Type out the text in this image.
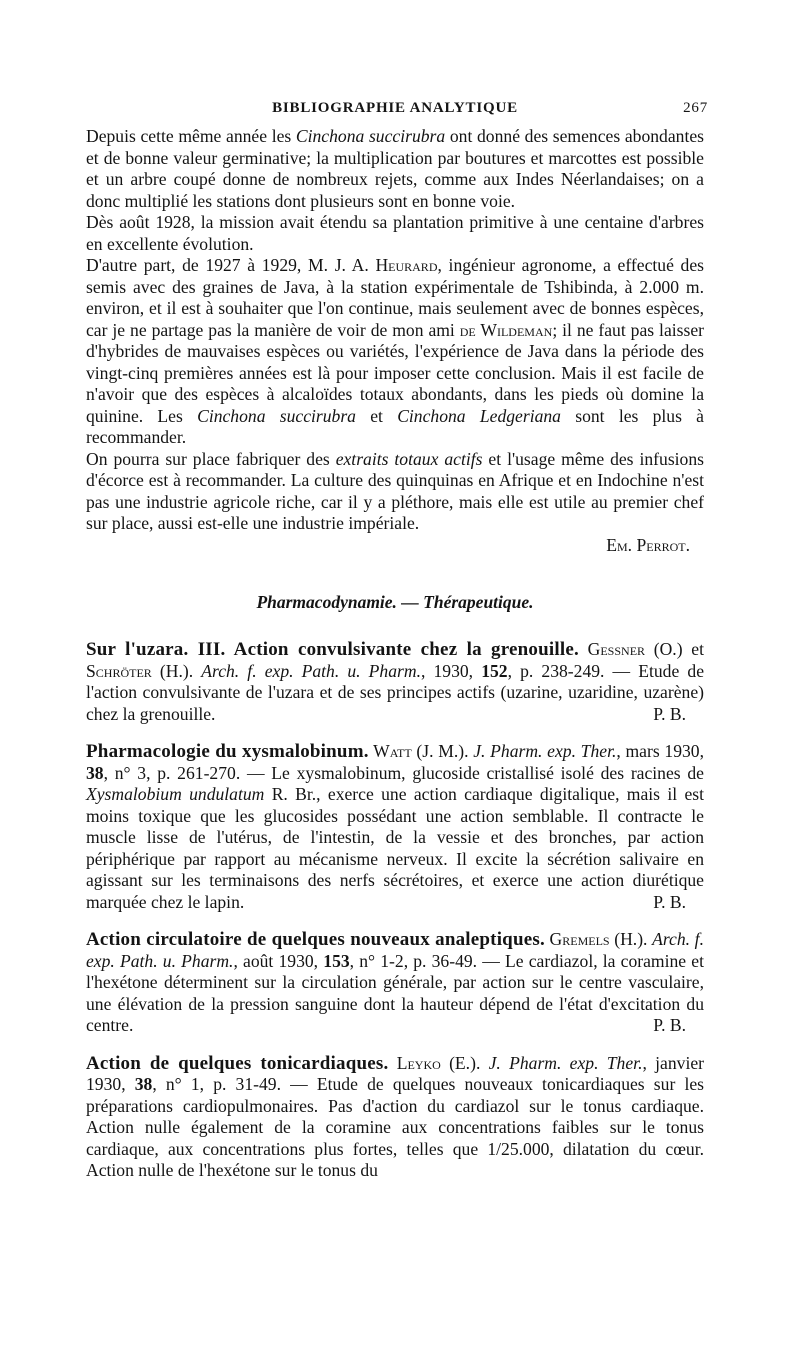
BIBLIOGRAPHIE ANALYTIQUE	267

Depuis cette même année les Cinchona succirubra ont donné des semences abondantes et de bonne valeur germinative; la multiplication par boutures et marcottes est possible et un arbre coupé donne de nombreux rejets, comme aux Indes Néerlandaises; on a donc multiplié les stations dont plusieurs sont en bonne voie.

Dès août 1928, la mission avait étendu sa plantation primitive à une centaine d'arbres en excellente évolution.

D'autre part, de 1927 à 1929, M. J. A. Heurard, ingénieur agronome, a effectué des semis avec des graines de Java, à la station expérimentale de Tshibinda, à 2.000 m. environ, et il est à souhaiter que l'on continue, mais seulement avec de bonnes espèces, car je ne partage pas la manière de voir de mon ami de Wildeman; il ne faut pas laisser d'hybrides de mauvaises espèces ou variétés, l'expérience de Java dans la période des vingt-cinq premières années est là pour imposer cette conclusion. Mais il est facile de n'avoir que des espèces à alcaloïdes totaux abondants, dans les pieds où domine la quinine. Les Cinchona succirubra et Cinchona Ledgeriana sont les plus à recommander.

On pourra sur place fabriquer des extraits totaux actifs et l'usage même des infusions d'écorce est à recommander. La culture des quinquinas en Afrique et en Indochine n'est pas une industrie agricole riche, car il y a pléthore, mais elle est utile au premier chef sur place, aussi est-elle une industrie impériale.

Em. Perrot.

Pharmacodynamie. — Thérapeutique.

Sur l'uzara. III. Action convulsivante chez la grenouille. Gessner (O.) et Schröter (H.). Arch. f. exp. Path. u. Pharm., 1930, 152, p. 238-249. — Etude de l'action convulsivante de l'uzara et de ses principes actifs (uzarine, uzaridine, uzarène) chez la grenouille.	P. B.

Pharmacologie du xysmalobinum. Watt (J. M.). J. Pharm. exp. Ther., mars 1930, 38, n° 3, p. 261-270. — Le xysmalobinum, glucoside cristallisé isolé des racines de Xysmalobium undulatum R. Br., exerce une action cardiaque digitalique, mais il est moins toxique que les glucosides possédant une action semblable. Il contracte le muscle lisse de l'utérus, de l'intestin, de la vessie et des bronches, par action périphérique par rapport au mécanisme nerveux. Il excite la sécrétion salivaire en agissant sur les terminaisons des nerfs sécrétoires, et exerce une action diurétique marquée chez le lapin.	P. B.

Action circulatoire de quelques nouveaux analeptiques. Gremels (H.). Arch. f. exp. Path. u. Pharm., août 1930, 153, n° 1-2, p. 36-49. — Le cardiazol, la coramine et l'hexétone déterminent sur la circulation générale, par action sur le centre vasculaire, une élévation de la pression sanguine dont la hauteur dépend de l'état d'excitation du centre.	P. B.

Action de quelques tonicardiaques. Leyko (E.). J. Pharm. exp. Ther., janvier 1930, 38, n° 1, p. 31-49. — Etude de quelques nouveaux tonicardiaques sur les préparations cardiopulmonaires. Pas d'action du cardiazol sur le tonus cardiaque. Action nulle également de la coramine aux concentrations faibles sur le tonus cardiaque, aux concentrations plus fortes, telles que 1/25.000, dilatation du cœur. Action nulle de l'hexétone sur le tonus du
